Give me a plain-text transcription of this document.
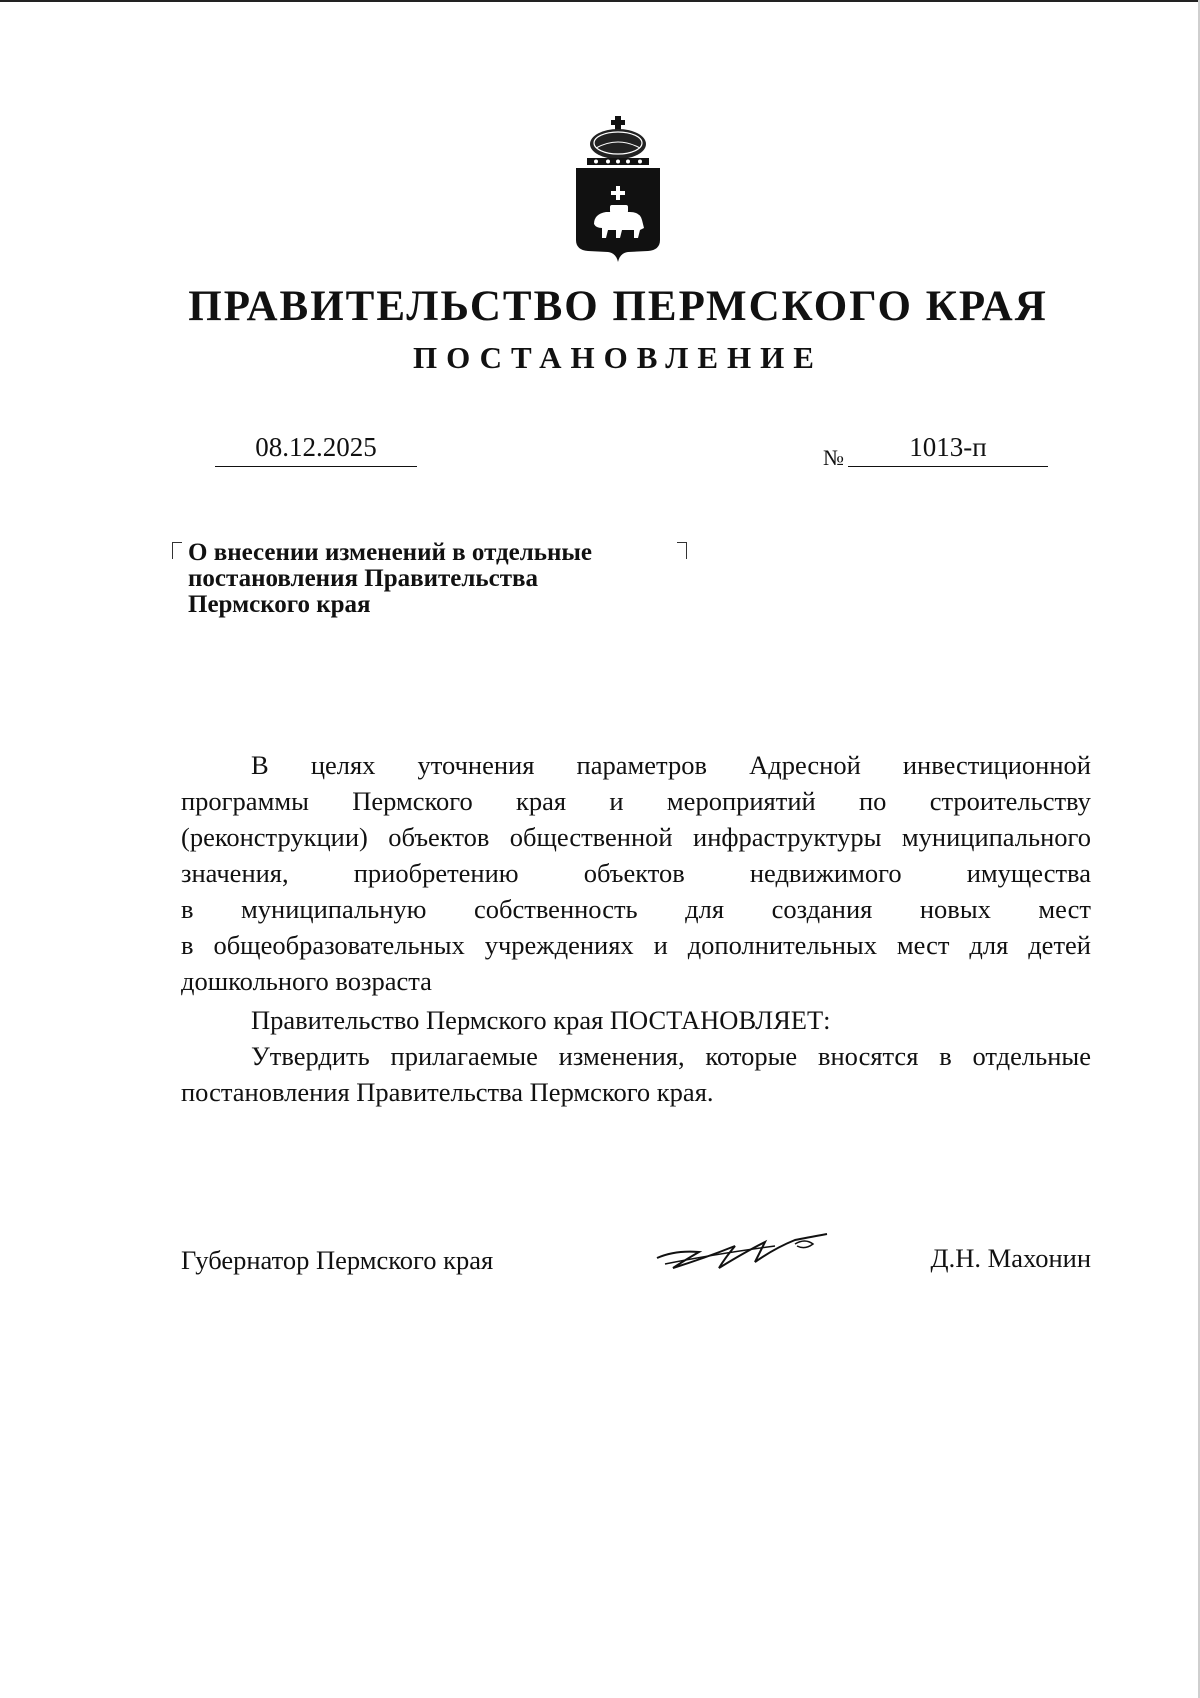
ПРАВИТЕЛЬСТВО ПЕРМСКОГО КРАЯ
ПОСТАНОВЛЕНИЕ
08.12.2025	№	1013-п
О внесении изменений в отдельные
постановления Правительства
Пермского края
В целях уточнения параметров Адресной инвестиционной
программы Пермского края и мероприятий по строительству
(реконструкции) объектов общественной инфраструктуры муниципального
значения, приобретению объектов недвижимого имущества
в муниципальную собственность для создания новых мест
в общеобразовательных учреждениях и дополнительных мест для детей
дошкольного возраста
Правительство Пермского края ПОСТАНОВЛЯЕТ:
Утвердить прилагаемые изменения, которые вносятся в отдельные
постановления Правительства Пермского края.
Губернатор Пермского края	Д.Н. Махонин
